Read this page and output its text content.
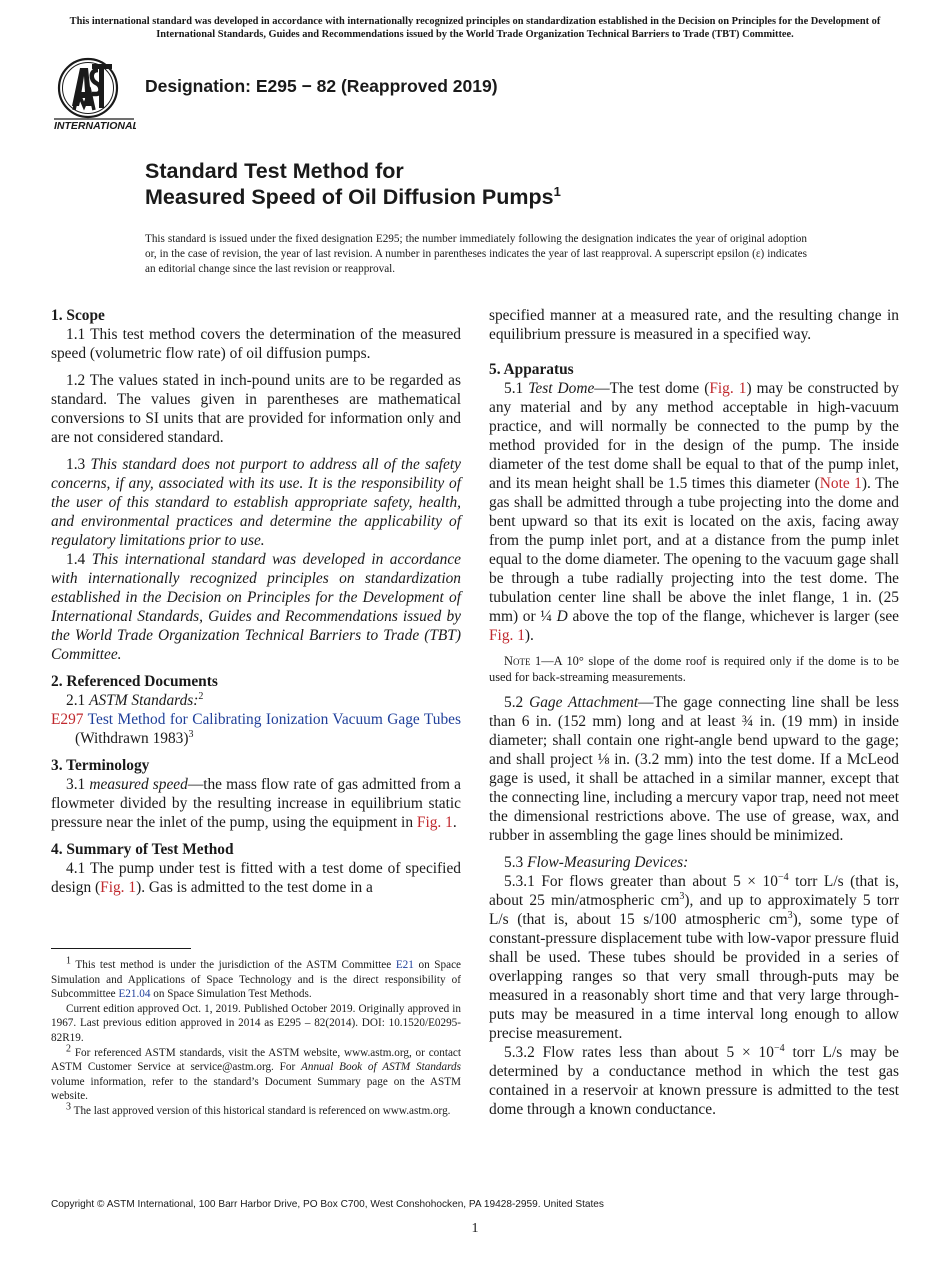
This international standard was developed in accordance with internationally recognized principles on standardization established in the Decision on Principles for the Development of International Standards, Guides and Recommendations issued by the World Trade Organization Technical Barriers to Trade (TBT) Committee.
INTERNATIONAL
Designation: E295 − 82 (Reapproved 2019)
Standard Test Method for
Measured Speed of Oil Diffusion Pumps$^1$
This standard is issued under the fixed designation E295; the number immediately following the designation indicates the year of original adoption or, in the case of revision, the year of last revision. A number in parentheses indicates the year of last reapproval. A superscript epsilon (ε) indicates an editorial change since the last revision or reapproval.

1. Scope

1.1 This test method covers the determination of the measured speed (volumetric flow rate) of oil diffusion pumps.

1.2 The values stated in inch-pound units are to be regarded as standard. The values given in parentheses are mathematical conversions to SI units that are provided for information only and are not considered standard.

1.3 This standard does not purport to address all of the safety concerns, if any, associated with its use. It is the responsibility of the user of this standard to establish appropriate safety, health, and environmental practices and determine the applicability of regulatory limitations prior to use.

1.4 This international standard was developed in accordance with internationally recognized principles on standardization established in the Decision on Principles for the Development of International Standards, Guides and Recommendations issued by the World Trade Organization Technical Barriers to Trade (TBT) Committee.

2. Referenced Documents

2.1 ASTM Standards:$^2$

E297 Test Method for Calibrating Ionization Vacuum Gage Tubes (Withdrawn 1983)$^3$

3. Terminology

3.1 measured speed—the mass flow rate of gas admitted from a flowmeter divided by the resulting increase in equilibrium static pressure near the inlet of the pump, using the equipment in Fig. 1.

4. Summary of Test Method

4.1 The pump under test is fitted with a test dome of specified design (Fig. 1). Gas is admitted to the test dome in a

$^1$ This test method is under the jurisdiction of the ASTM Committee E21 on Space Simulation and Applications of Space Technology and is the direct responsibility of Subcommittee E21.04 on Space Simulation Test Methods.

Current edition approved Oct. 1, 2019. Published October 2019. Originally approved in 1967. Last previous edition approved in 2014 as E295 – 82(2014). DOI: 10.1520/E0295-82R19.

$^2$ For referenced ASTM standards, visit the ASTM website, www.astm.org, or contact ASTM Customer Service at service@astm.org. For Annual Book of ASTM Standards volume information, refer to the standard’s Document Summary page on the ASTM website.

$^3$ The last approved version of this historical standard is referenced on www.astm.org.

specified manner at a measured rate, and the resulting change in equilibrium pressure is measured in a specified way.

5. Apparatus

5.1 Test Dome—The test dome (Fig. 1) may be constructed by any material and by any method acceptable in high-vacuum practice, and will normally be connected to the pump by the method provided for in the design of the pump. The inside diameter of the test dome shall be equal to that of the pump inlet, and its mean height shall be 1.5 times this diameter (Note 1). The gas shall be admitted through a tube projecting into the dome and bent upward so that its exit is located on the axis, facing away from the pump inlet port, and at a distance from the pump inlet equal to the dome diameter. The opening to the vacuum gage shall be through a tube radially projecting into the test dome. The tubulation center line shall be above the inlet flange, 1 in. (25 mm) or ¼ D above the top of the flange, whichever is larger (see Fig. 1).

Note 1—A 10° slope of the dome roof is required only if the dome is to be used for back-streaming measurements.

5.2 Gage Attachment—The gage connecting line shall be less than 6 in. (152 mm) long and at least ¾ in. (19 mm) in inside diameter; shall contain one right-angle bend upward to the gage; and shall project ⅛ in. (3.2 mm) into the test dome. If a McLeod gage is used, it shall be attached in a similar manner, except that the connecting line, including a mercury vapor trap, need not meet the dimensional restrictions above. The use of grease, wax, and rubber in assembling the gage lines should be minimized.

5.3 Flow-Measuring Devices:

5.3.1 For flows greater than about $5 \times 10^{-4}$ torr L/s (that is, about 25 min/atmospheric $cm^3$), and up to approximately 5 torr L/s (that is, about 15 s/100 atmospheric $cm^3$), some type of constant-pressure displacement tube with low-vapor pressure fluid shall be used. These tubes should be provided in a series of overlapping ranges so that very small through-puts may be measured in a reasonably short time and that very large through-puts may be measured in a time interval long enough to allow precise measurement.

5.3.2 Flow rates less than about $5 \times 10^{-4}$ torr L/s may be determined by a conductance method in which the test gas contained in a reservoir at known pressure is admitted to the test dome through a known conductance.

Copyright © ASTM International, 100 Barr Harbor Drive, PO Box C700, West Conshohocken, PA 19428-2959. United States
1
